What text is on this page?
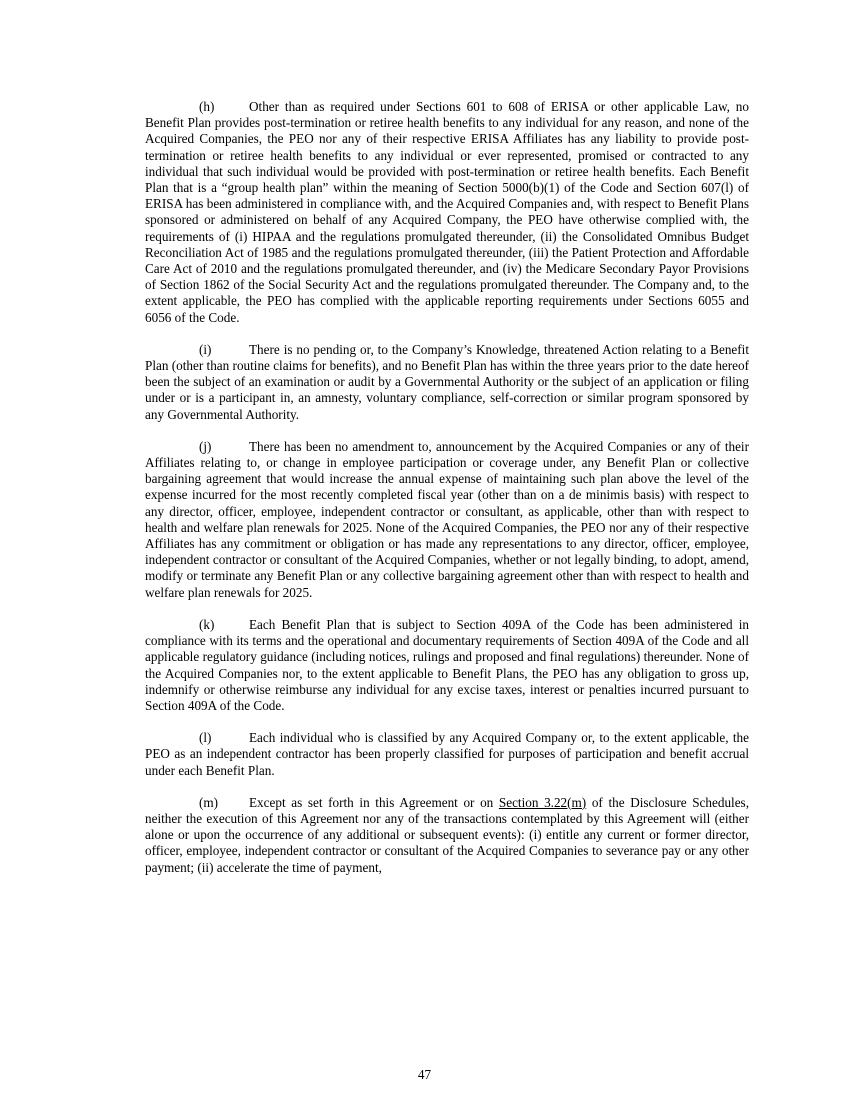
(h)	Other than as required under Sections 601 to 608 of ERISA or other applicable Law, no Benefit Plan provides post-termination or retiree health benefits to any individual for any reason, and none of the Acquired Companies, the PEO nor any of their respective ERISA Affiliates has any liability to provide post-termination or retiree health benefits to any individual or ever represented, promised or contracted to any individual that such individual would be provided with post-termination or retiree health benefits. Each Benefit Plan that is a “group health plan” within the meaning of Section 5000(b)(1) of the Code and Section 607(l) of ERISA has been administered in compliance with, and the Acquired Companies and, with respect to Benefit Plans sponsored or administered on behalf of any Acquired Company, the PEO have otherwise complied with, the requirements of (i) HIPAA and the regulations promulgated thereunder, (ii) the Consolidated Omnibus Budget Reconciliation Act of 1985 and the regulations promulgated thereunder, (iii) the Patient Protection and Affordable Care Act of 2010 and the regulations promulgated thereunder, and (iv) the Medicare Secondary Payor Provisions of Section 1862 of the Social Security Act and the regulations promulgated thereunder. The Company and, to the extent applicable, the PEO has complied with the applicable reporting requirements under Sections 6055 and 6056 of the Code.

(i)	There is no pending or, to the Company’s Knowledge, threatened Action relating to a Benefit Plan (other than routine claims for benefits), and no Benefit Plan has within the three years prior to the date hereof been the subject of an examination or audit by a Governmental Authority or the subject of an application or filing under or is a participant in, an amnesty, voluntary compliance, self-correction or similar program sponsored by any Governmental Authority.

(j)	There has been no amendment to, announcement by the Acquired Companies or any of their Affiliates relating to, or change in employee participation or coverage under, any Benefit Plan or collective bargaining agreement that would increase the annual expense of maintaining such plan above the level of the expense incurred for the most recently completed fiscal year (other than on a de minimis basis) with respect to any director, officer, employee, independent contractor or consultant, as applicable, other than with respect to health and welfare plan renewals for 2025. None of the Acquired Companies, the PEO nor any of their respective Affiliates has any commitment or obligation or has made any representations to any director, officer, employee, independent contractor or consultant of the Acquired Companies, whether or not legally binding, to adopt, amend, modify or terminate any Benefit Plan or any collective bargaining agreement other than with respect to health and welfare plan renewals for 2025.

(k)	Each Benefit Plan that is subject to Section 409A of the Code has been administered in compliance with its terms and the operational and documentary requirements of Section 409A of the Code and all applicable regulatory guidance (including notices, rulings and proposed and final regulations) thereunder. None of the Acquired Companies nor, to the extent applicable to Benefit Plans, the PEO has any obligation to gross up, indemnify or otherwise reimburse any individual for any excise taxes, interest or penalties incurred pursuant to Section 409A of the Code.

(l)	Each individual who is classified by any Acquired Company or, to the extent applicable, the PEO as an independent contractor has been properly classified for purposes of participation and benefit accrual under each Benefit Plan.

(m) Except as set forth in this Agreement or on Section 3.22(m) of the Disclosure Schedules, neither the execution of this Agreement nor any of the transactions contemplated by this Agreement will (either alone or upon the occurrence of any additional or subsequent events): (i) entitle any current or former director, officer, employee, independent contractor or consultant of the Acquired Companies to severance pay or any other payment; (ii) accelerate the time of payment,

47
